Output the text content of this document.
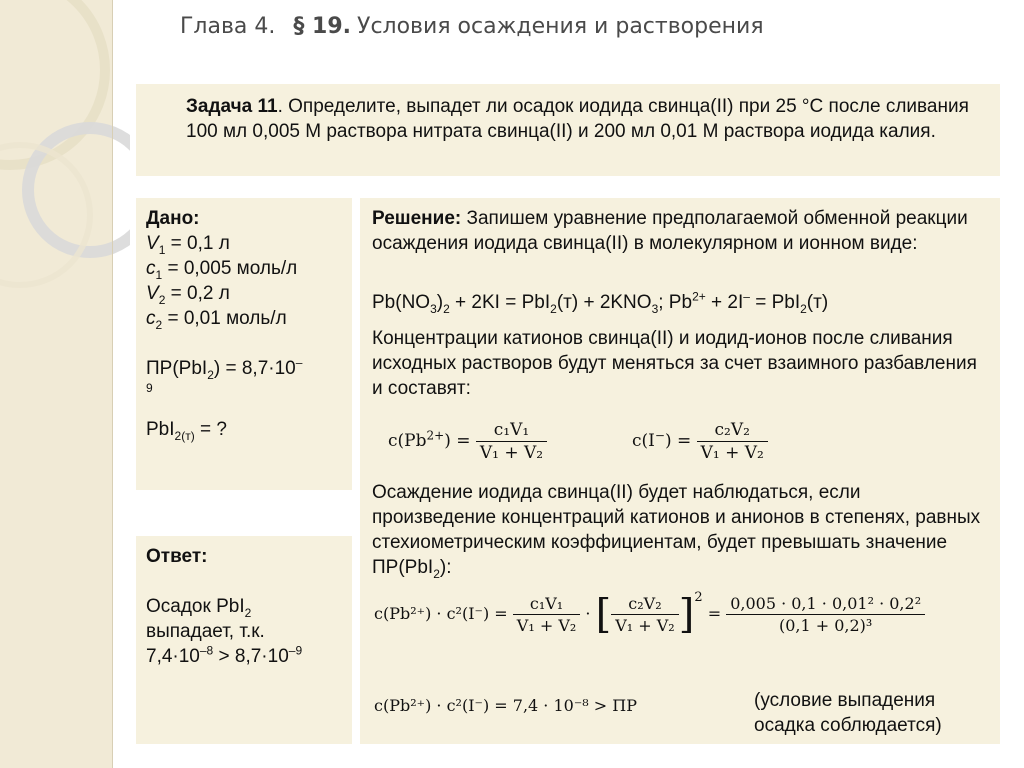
Глава 4. § 19. Условия осаждения и растворения
Задача 11. Определите, выпадет ли осадок иодида свинца(II) при 25 °С после сливания 100 мл 0,005 М раствора нитрата свинца(II) и 200 мл 0,01 М раствора иодида калия.
Дано:
$V_1 = 0,1$ л
$c_1 = 0,005$ моль/л
$V_2 = 0,2$ л
$c_2 = 0,01$ моль/л
ПР(PbI$_2$) = 8,7·10–
9
PbI$_{2(т)}$ = ?
Ответ:
Осадок PbI$_2$
выпадает, т.к.
$7,4\cdot 10^{-8} > 8,7\cdot 10^{-9}$
Решение: Запишем уравнение предполагаемой обменной реакции осаждения иодида свинца(II) в молекулярном и ионном виде:
$Pb(NO_3)_2 + 2KI = PbI_2(т) + 2KNO_3$; $Pb^{2+} + 2I^- = PbI_2(т)$
Концентрации катионов свинца(II) и иодид-ионов после сливания исходных растворов будут меняться за счет взаимного разбавления и составят:
$c(Pb^{2+}) = \frac{\text{c₁V₁}}{\text{V₁ + V₂}}$	$c(I^-) = \frac{\text{c₂V₂}}{\text{V₁ + V₂}}$
Осаждение иодида свинца(II) будет наблюдаться, если произведение концентраций катионов и анионов в степенях, равных стехиометрическим коэффициентам, будет превышать значение ПР(PbI$_2$):
$c(Pb^{2+}) \cdot c^2(I^-) = \frac{\text{c₁V₁}}{\text{V₁ + V₂}}$ · [ $\frac{\text{c₂V₂}}{\text{V₁ + V₂}} ]^2 = \frac{\text{0,005 · 0,1 · 0,01² · 0,2²}}{\text{(0,1 + 0,2)³}}$
c(Pb²⁺) · c²(I⁻) = 7,4 · 10⁻⁸ > ПР	(условие выпадения осадка соблюдается)
